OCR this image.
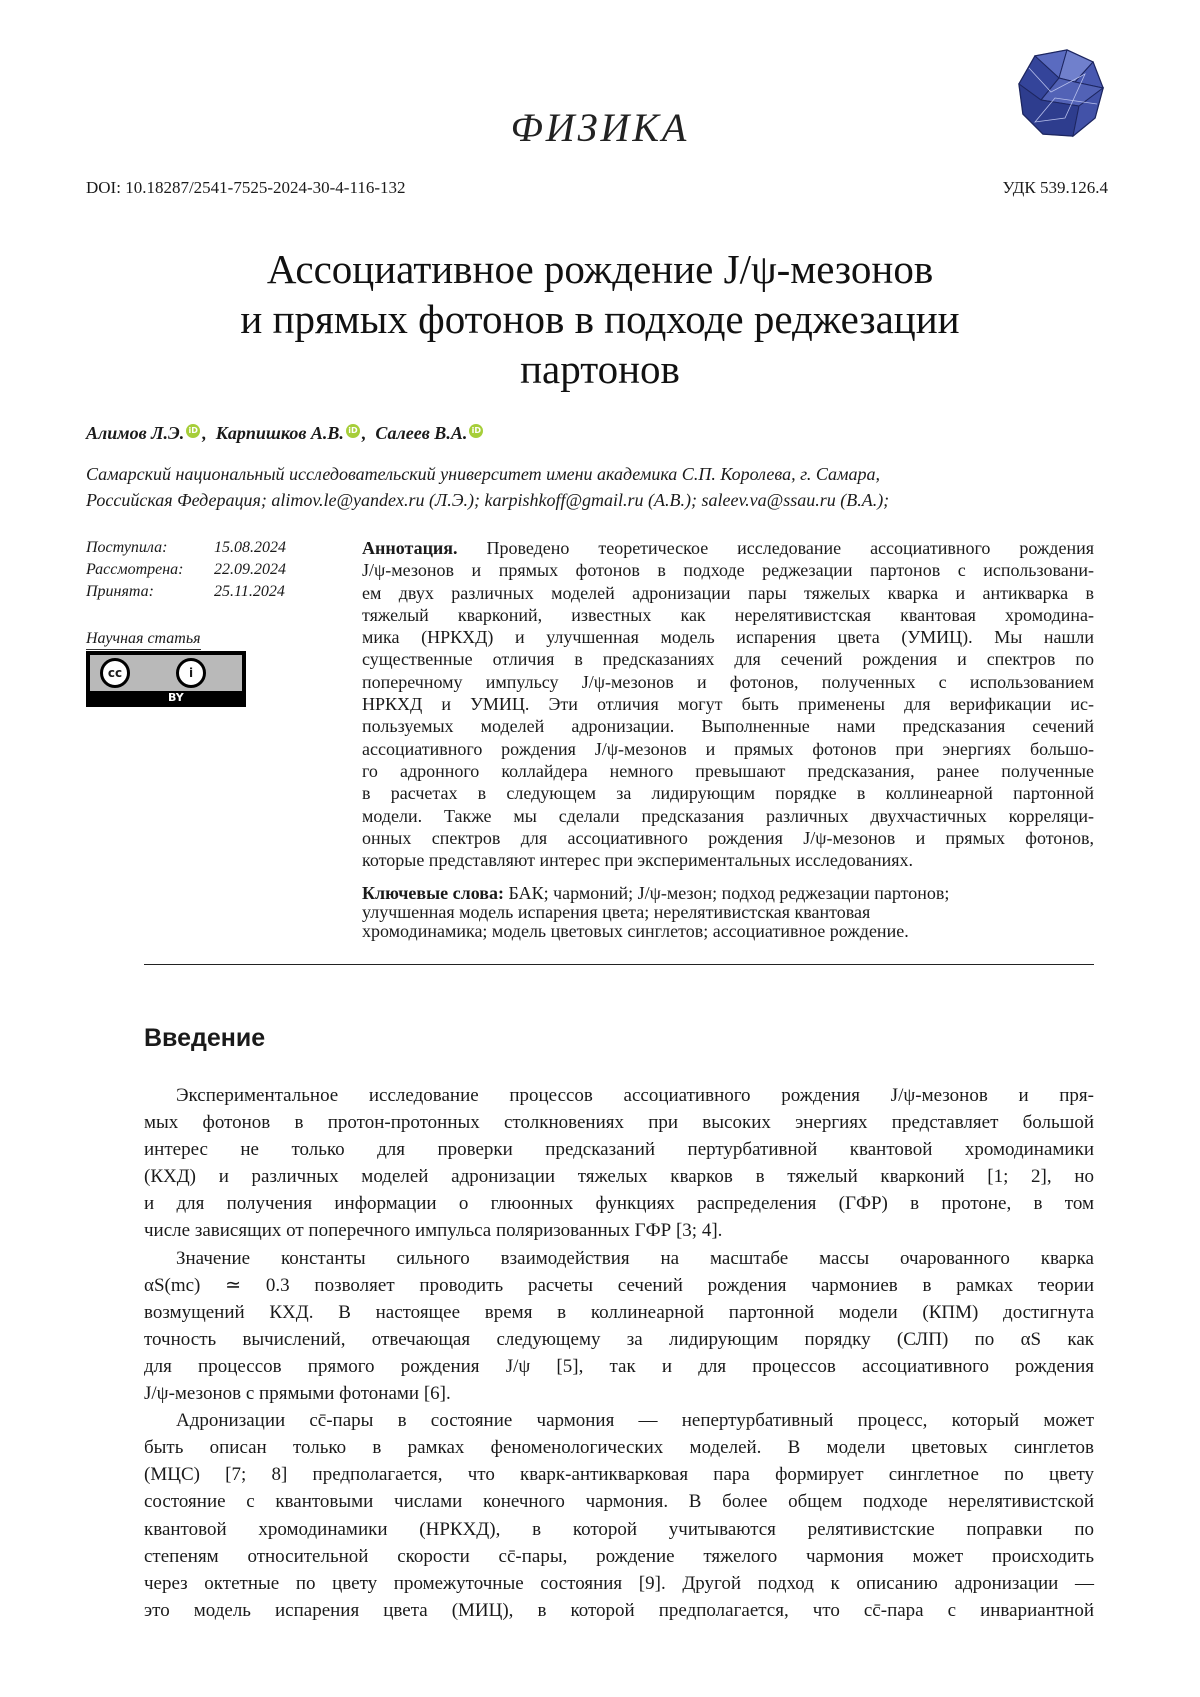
ФИЗИКА
DOI: 10.18287/2541-7525-2024-30-4-116-132	УДК 539.126.4
Ассоциативное рождение J/ψ-мезонов
и прямых фотонов в подходе реджезации
партонов
Алимов Л.Э. iD ,  Карпишков А.В. iD ,  Салеев В.А. iD
Самарский национальный исследовательский университет имени академика С.П. Королева, г. Самара,
Российская Федерация; alimov.le@yandex.ru (Л.Э.); karpishkoff@gmail.ru (А.В.); saleev.va@ssau.ru (В.А.);
Поступила:	15.08.2024
Рассмотрена:	22.09.2024
Принята:	25.11.2024
Научная статья
cc	i
BY
Аннотация. Проведено теоретическое исследование ассоциативного рождения
J/ψ-мезонов и прямых фотонов в подходе реджезации партонов с использовани-
ем двух различных моделей адронизации пары тяжелых кварка и антикварка в
тяжелый кварконий, известных как нерелятивистская квантовая хромодина-
мика (НРКХД) и улучшенная модель испарения цвета (УМИЦ). Мы нашли
существенные отличия в предсказаниях для сечений рождения и спектров по
поперечному импульсу J/ψ-мезонов и фотонов, полученных с использованием
НРКХД и УМИЦ. Эти отличия могут быть применены для верификации ис-
пользуемых моделей адронизации. Выполненные нами предсказания сечений
ассоциативного рождения J/ψ-мезонов и прямых фотонов при энергиях большо-
го адронного коллайдера немного превышают предсказания, ранее полученные
в расчетах в следующем за лидирующим порядке в коллинеарной партонной
модели. Также мы сделали предсказания различных двухчастичных корреляци-
онных спектров для ассоциативного рождения J/ψ-мезонов и прямых фотонов,
которые представляют интерес при экспериментальных исследованиях.
Ключевые слова: БАК; чармоний; J/ψ-мезон; подход реджезации партонов;
улучшенная модель испарения цвета; нерелятивистская квантовая
хромодинамика; модель цветовых синглетов; ассоциативное рождение.
Введение
Экспериментальное исследование процессов ассоциативного рождения J/ψ-мезонов и пря-
мых фотонов в протон-протонных столкновениях при высоких энергиях представляет большой
интерес не только для проверки предсказаний пертурбативной квантовой хромодинамики
(КХД) и различных моделей адронизации тяжелых кварков в тяжелый кварконий [1; 2], но
и для получения информации о глюонных функциях распределения (ГФР) в протоне, в том
числе зависящих от поперечного импульса поляризованных ГФР [3; 4].
Значение константы сильного взаимодействия на масштабе массы очарованного кварка
αS(mc) ≃ 0.3 позволяет проводить расчеты сечений рождения чармониев в рамках теории
возмущений КХД. В настоящее время в коллинеарной партонной модели (КПМ) достигнута
точность вычислений, отвечающая следующему за лидирующим порядку (СЛП) по αS как
для процессов прямого рождения J/ψ [5], так и для процессов ассоциативного рождения
J/ψ-мезонов с прямыми фотонами [6].
Адронизации cc̄-пары в состояние чармония — непертурбативный процесс, который может
быть описан только в рамках феноменологических моделей. В модели цветовых синглетов
(МЦС) [7; 8] предполагается, что кварк-антикварковая пара формирует синглетное по цвету
состояние с квантовыми числами конечного чармония. В более общем подходе нерелятивистской
квантовой хромодинамики (НРКХД), в которой учитываются релятивистские поправки по
степеням относительной скорости cc̄-пары, рождение тяжелого чармония может происходить
через октетные по цвету промежуточные состояния [9]. Другой подход к описанию адронизации —
это модель испарения цвета (МИЦ), в которой предполагается, что cc̄-пара с инвариантной
